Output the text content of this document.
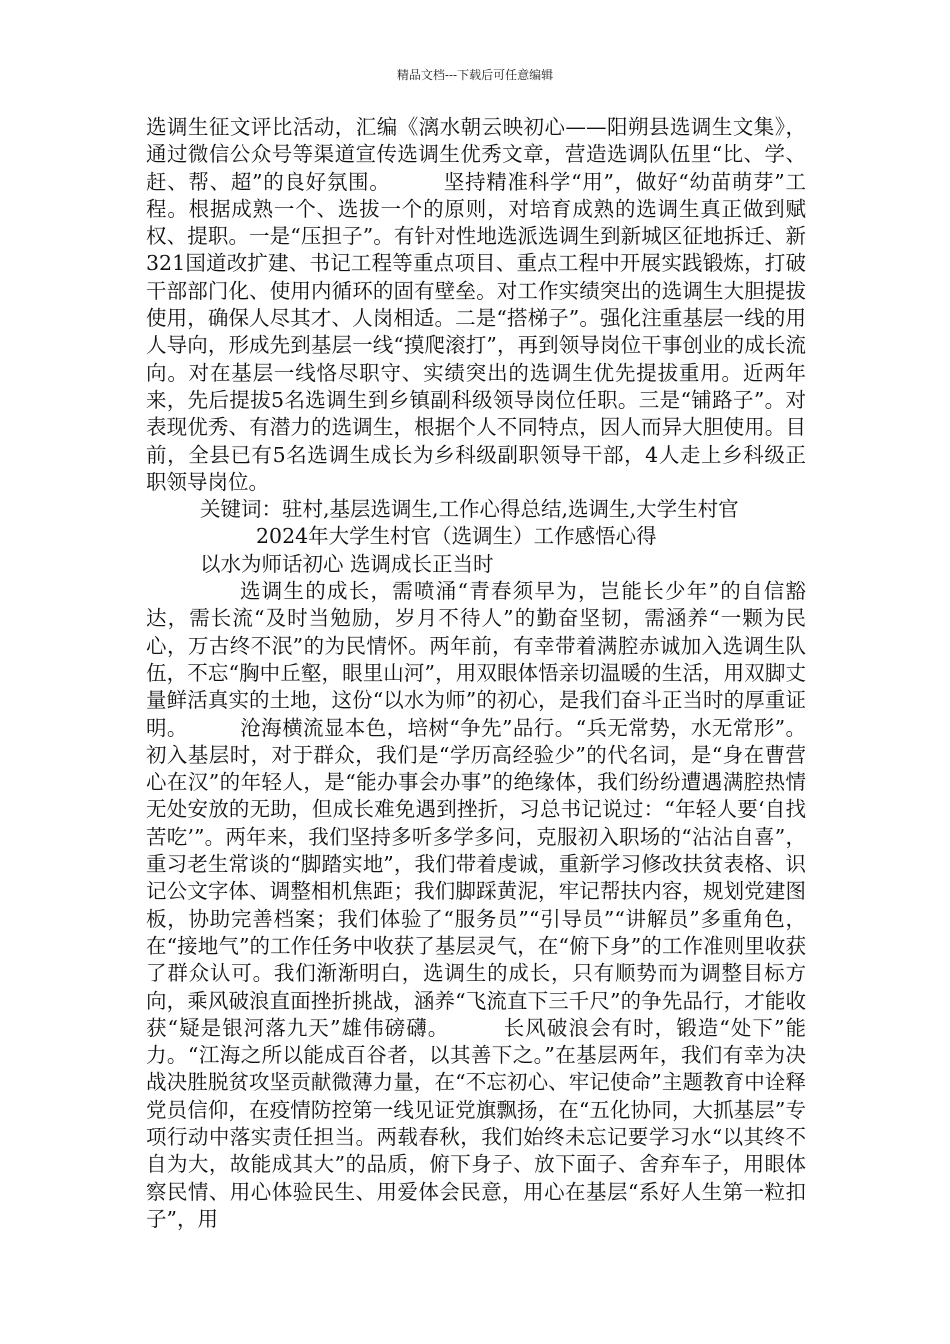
精品文档---下载后可任意编辑

选调生征文评比活动，汇编《漓水朝云映初心——阳朔县选调生文集》，通过微信公众号等渠道宣传选调生优秀文章，营造选调队伍里“比、学、赶、帮、超”的良好氛围。　　　坚持精准科学“用”，做好“幼苗萌芽”工程。根据成熟一个、选拔一个的原则，对培育成熟的选调生真正做到赋权、提职。一是“压担子”。有针对性地选派选调生到新城区征地拆迁、新321国道改扩建、书记工程等重点项目、重点工程中开展实践锻炼，打破干部部门化、使用内循环的固有壁垒。对工作实绩突出的选调生大胆提拔使用，确保人尽其才、人岗相适。二是“搭梯子”。强化注重基层一线的用人导向，形成先到基层一线“摸爬滚打”，再到领导岗位干事创业的成长流向。对在基层一线恪尽职守、实绩突出的选调生优先提拔重用。近两年来，先后提拔5名选调生到乡镇副科级领导岗位任职。三是“铺路子”。对表现优秀、有潜力的选调生，根据个人不同特点，因人而异大胆使用。目前，全县已有5名选调生成长为乡科级副职领导干部，4人走上乡科级正职领导岗位。

关键词：驻村,基层选调生,工作心得总结,选调生,大学生村官

2024年大学生村官（选调生）工作感悟心得

以水为师话初心 选调成长正当时

选调生的成长，需喷涌“青春须早为，岂能长少年”的自信豁达，需长流“及时当勉励，岁月不待人”的勤奋坚韧，需涵养“一颗为民心，万古终不泯”的为民情怀。两年前，有幸带着满腔赤诚加入选调生队伍，不忘“胸中丘壑，眼里山河”，用双眼体悟亲切温暖的生活，用双脚丈量鲜活真实的土地，这份“以水为师”的初心，是我们奋斗正当时的厚重证明。　　　沧海横流显本色，培树“争先”品行。“兵无常势，水无常形”。初入基层时，对于群众，我们是“学历高经验少”的代名词，是“身在曹营心在汉”的年轻人，是“能办事会办事”的绝缘体，我们纷纷遭遇满腔热情无处安放的无助，但成长难免遇到挫折，习总书记说过：“年轻人要‘自找苦吃’”。两年来，我们坚持多听多学多问，克服初入职场的“沾沾自喜”，重习老生常谈的“脚踏实地”，我们带着虔诚，重新学习修改扶贫表格、识记公文字体、调整相机焦距；我们脚踩黄泥，牢记帮扶内容，规划党建图板，协助完善档案；我们体验了“服务员”“引导员”“讲解员”多重角色，在“接地气”的工作任务中收获了基层灵气，在“俯下身”的工作准则里收获了群众认可。我们渐渐明白，选调生的成长，只有顺势而为调整目标方向，乘风破浪直面挫折挑战，涵养“飞流直下三千尺”的争先品行，才能收获“疑是银河落九天”雄伟磅礴。　　　长风破浪会有时，锻造“处下”能力。“江海之所以能成百谷者，以其善下之。”在基层两年，我们有幸为决战决胜脱贫攻坚贡献微薄力量，在“不忘初心、牢记使命”主题教育中诠释党员信仰，在疫情防控第一线见证党旗飘扬，在“五化协同，大抓基层”专项行动中落实责任担当。两载春秋，我们始终未忘记要学习水“以其终不自为大，故能成其大”的品质，俯下身子、放下面子、舍弃车子，用眼体察民情、用心体验民生、用爱体会民意，用心在基层“系好人生第一粒扣子”，用
